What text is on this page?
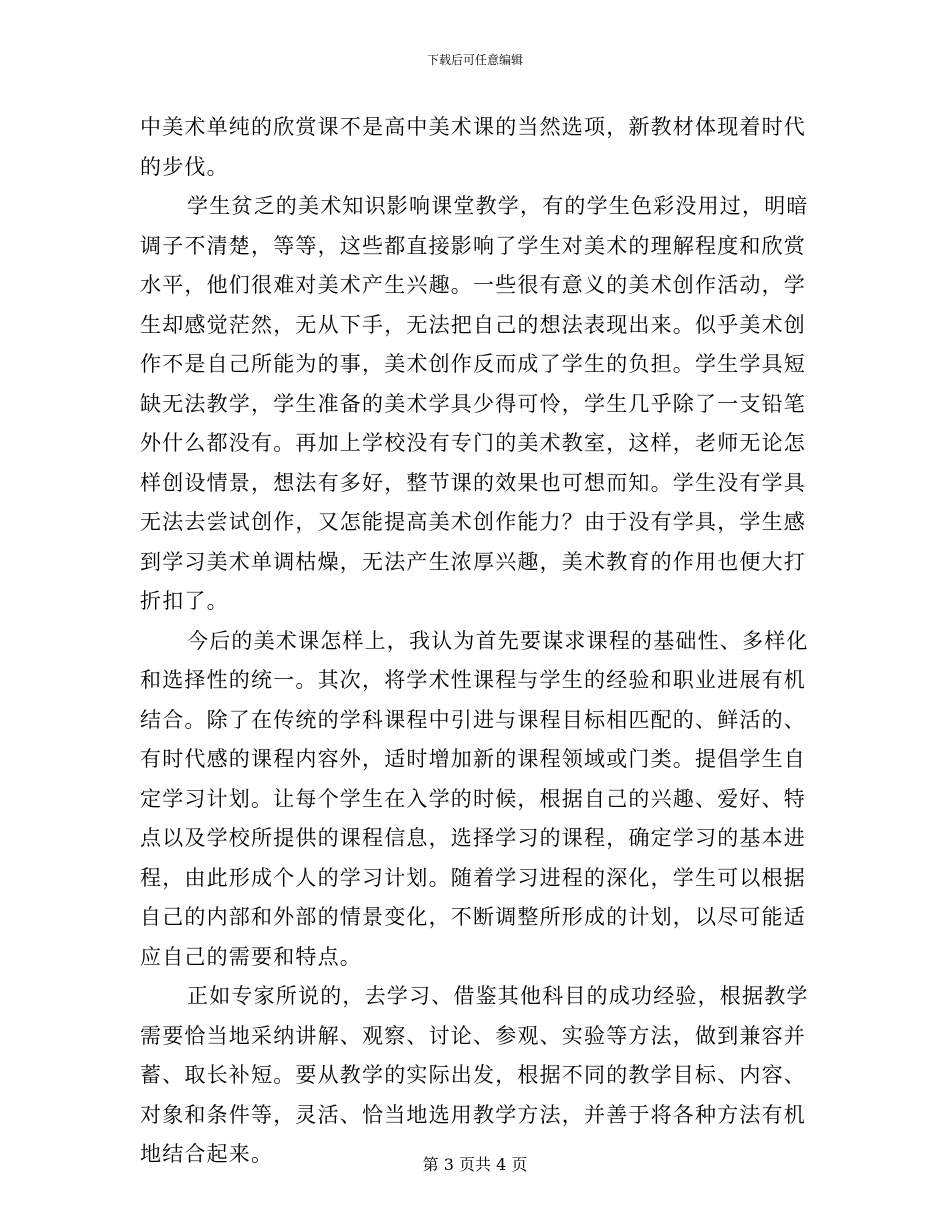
下载后可任意编辑
中美术单纯的欣赏课不是高中美术课的当然选项，新教材体现着时代
的步伐。
学生贫乏的美术知识影响课堂教学，有的学生色彩没用过，明暗
调子不清楚，等等，这些都直接影响了学生对美术的理解程度和欣赏
水平，他们很难对美术产生兴趣。一些很有意义的美术创作活动，学
生却感觉茫然，无从下手，无法把自己的想法表现出来。似乎美术创
作不是自己所能为的事，美术创作反而成了学生的负担。学生学具短
缺无法教学，学生准备的美术学具少得可怜，学生几乎除了一支铅笔
外什么都没有。再加上学校没有专门的美术教室，这样，老师无论怎
样创设情景，想法有多好，整节课的效果也可想而知。学生没有学具
无法去尝试创作，又怎能提高美术创作能力？由于没有学具，学生感
到学习美术单调枯燥，无法产生浓厚兴趣，美术教育的作用也便大打
折扣了。
今后的美术课怎样上，我认为首先要谋求课程的基础性、多样化
和选择性的统一。其次，将学术性课程与学生的经验和职业进展有机
结合。除了在传统的学科课程中引进与课程目标相匹配的、鲜活的、
有时代感的课程内容外，适时增加新的课程领域或门类。提倡学生自
定学习计划。让每个学生在入学的时候，根据自己的兴趣、爱好、特
点以及学校所提供的课程信息，选择学习的课程，确定学习的基本进
程，由此形成个人的学习计划。随着学习进程的深化，学生可以根据
自己的内部和外部的情景变化，不断调整所形成的计划，以尽可能适
应自己的需要和特点。
正如专家所说的，去学习、借鉴其他科目的成功经验，根据教学
需要恰当地采纳讲解、观察、讨论、参观、实验等方法，做到兼容并
蓄、取长补短。要从教学的实际出发，根据不同的教学目标、内容、
对象和条件等，灵活、恰当地选用教学方法，并善于将各种方法有机
地结合起来。	第 3 页共 4 页
